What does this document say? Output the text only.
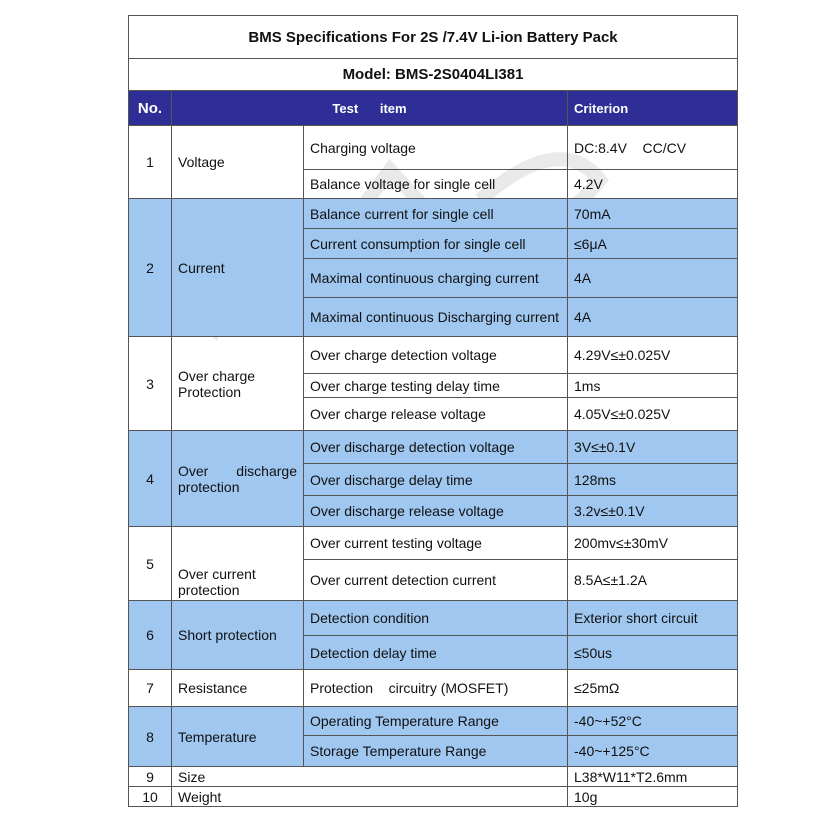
BMS Specifications For 2S /7.4V Li-ion Battery Pack			
Model: BMS-2S0404LI381			
No.	Test      item		Criterion
1	Voltage	Charging voltage	DC:8.4V    CC/CV
		Balance voltage for single cell	4.2V
2	Current	Balance current for single cell	70mA
		Current consumption for single cell	≤6μA
		Maximal continuous charging current	4A
		Maximal continuous Discharging current	4A
3	Over charge Protection	Over charge detection voltage	4.29V≤±0.025V
		Over charge testing delay time	1ms
		Over charge release voltage	4.05V≤±0.025V
4	Over      discharge protection	Over discharge detection voltage	3V≤±0.1V
		Over discharge delay time	128ms
		Over discharge release voltage	3.2v≤±0.1V
5	Over current protection	Over current testing voltage	200mv≤±30mV
		Over current detection current	8.5A≤±1.2A
6	Short protection	Detection condition	Exterior short circuit
		Detection delay time	≤50us
7	Resistance	Protection    circuitry (MOSFET)	≤25mΩ
8	Temperature	Operating Temperature Range	-40~+52°C
		Storage Temperature Range	-40~+125°C
9	Size		L38*W11*T2.6mm
10	Weight		10g
